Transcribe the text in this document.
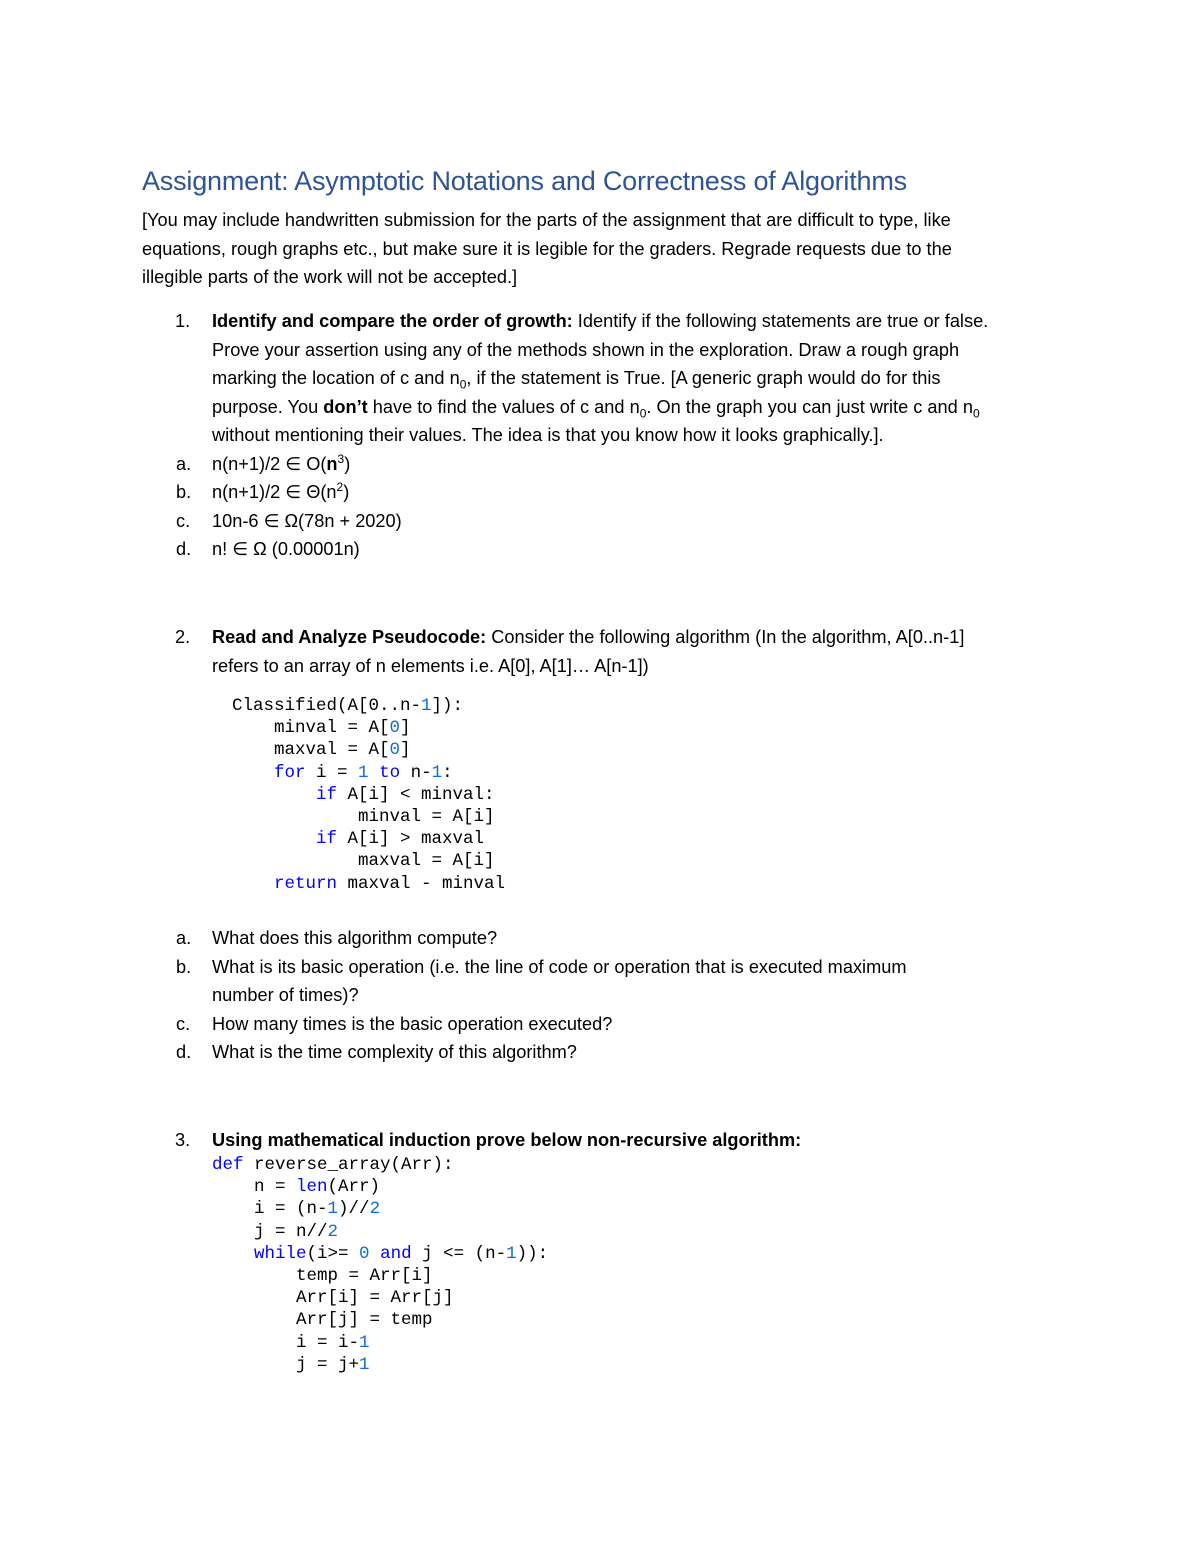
Assignment: Asymptotic Notations and Correctness of Algorithms
[You may include handwritten submission for the parts of the assignment that are difficult to type, like
equations, rough graphs etc., but make sure it is legible for the graders. Regrade requests due to the
illegible parts of the work will not be accepted.]
1. Identify and compare the order of growth: Identify if the following statements are true or false.
Prove your assertion using any of the methods shown in the exploration. Draw a rough graph
marking the location of c and $n_0$, if the statement is True. [A generic graph would do for this
purpose. You don’t have to find the values of c and $n_0$. On the graph you can just write c and $n_0$
without mentioning their values. The idea is that you know how it looks graphically.].
a. n(n+1)/2 ∈ $O(n^3)$
b. n(n+1)/2 ∈ $\Theta(n^2)$
c. 10n-6 ∈ Ω(78n + 2020)
d. n! ∈ Ω (0.00001n)
2. Read and Analyze Pseudocode: Consider the following algorithm (In the algorithm, A[0..n-1]
refers to an array of n elements i.e. A[0], A[1]… A[n-1])
Classified(A[0..n-1]):
minval = A[0]
maxval = A[0]
for i = 1 to n-1:
if A[i] < minval:
minval = A[i]
if A[i] > maxval
maxval = A[i]
return maxval - minval
a. What does this algorithm compute?
b. What is its basic operation (i.e. the line of code or operation that is executed maximum
number of times)?
c. How many times is the basic operation executed?
d. What is the time complexity of this algorithm?
3. Using mathematical induction prove below non-recursive algorithm:
def reverse_array(Arr):
n = len(Arr)
i = (n-1)//2
j = n//2
while(i>= 0 and j <= (n-1)):
temp = Arr[i]
Arr[i] = Arr[j]
Arr[j] = temp
i = i-1
j = j+1
